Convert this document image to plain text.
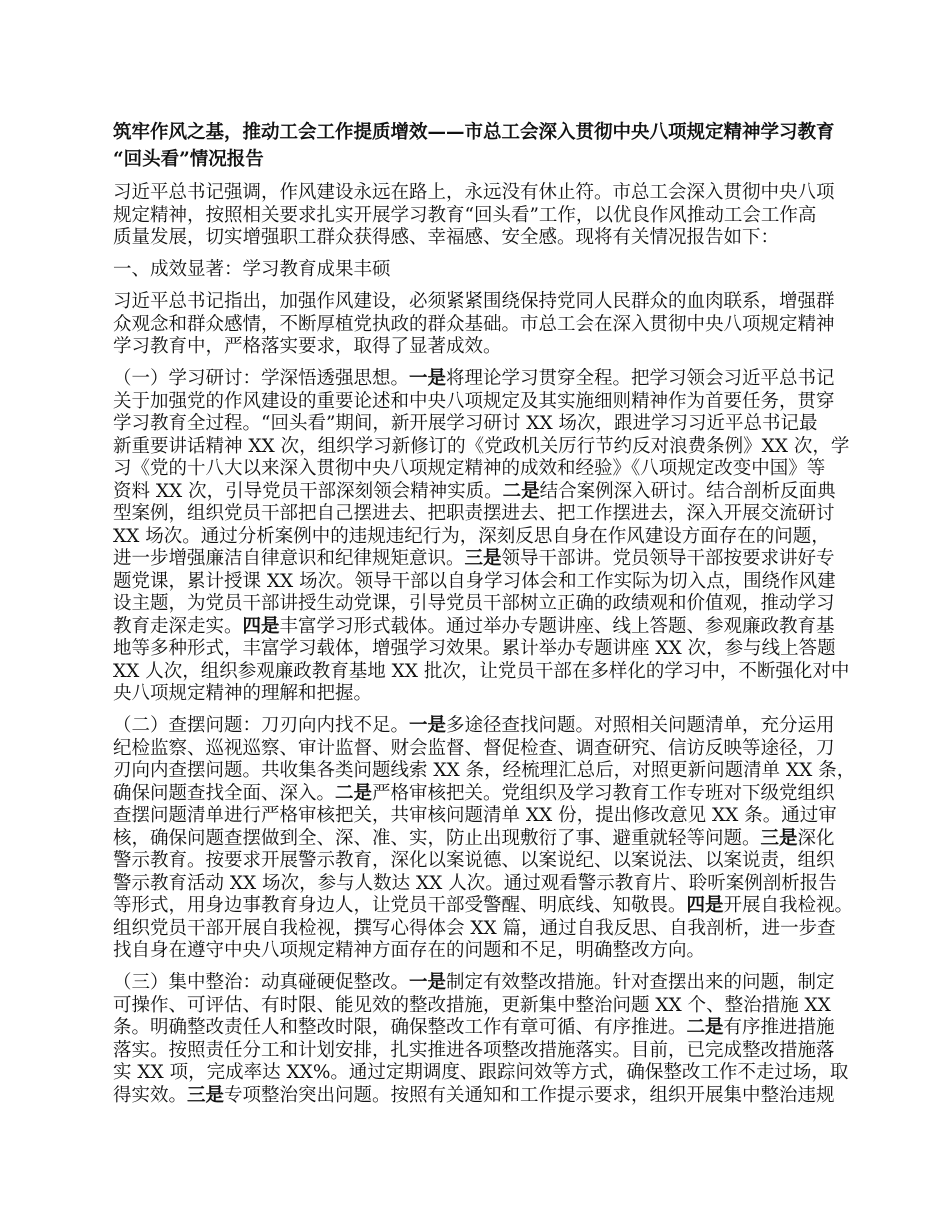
筑牢作风之基，推动工会工作提质增效——市总工会深入贯彻中央八项规定精神学习教育
“回头看”情况报告
习近平总书记强调，作风建设永远在路上，永远没有休止符。市总工会深入贯彻中央八项
规定精神，按照相关要求扎实开展学习教育“回头看”工作，以优良作风推动工会工作高
质量发展，切实增强职工群众获得感、幸福感、安全感。现将有关情况报告如下：
一、成效显著：学习教育成果丰硕
习近平总书记指出，加强作风建设，必须紧紧围绕保持党同人民群众的血肉联系，增强群
众观念和群众感情，不断厚植党执政的群众基础。市总工会在深入贯彻中央八项规定精神
学习教育中，严格落实要求，取得了显著成效。
（一）学习研讨：学深悟透强思想。一是将理论学习贯穿全程。把学习领会习近平总书记
关于加强党的作风建设的重要论述和中央八项规定及其实施细则精神作为首要任务，贯穿
学习教育全过程。“回头看”期间，新开展学习研讨 XX 场次，跟进学习习近平总书记最
新重要讲话精神 XX 次，组织学习新修订的《党政机关厉行节约反对浪费条例》XX 次，学
习《党的十八大以来深入贯彻中央八项规定精神的成效和经验》《八项规定改变中国》等
资料 XX 次，引导党员干部深刻领会精神实质。二是结合案例深入研讨。结合剖析反面典
型案例，组织党员干部把自己摆进去、把职责摆进去、把工作摆进去，深入开展交流研讨
XX 场次。通过分析案例中的违规违纪行为，深刻反思自身在作风建设方面存在的问题，
进一步增强廉洁自律意识和纪律规矩意识。三是领导干部讲。党员领导干部按要求讲好专
题党课，累计授课 XX 场次。领导干部以自身学习体会和工作实际为切入点，围绕作风建
设主题，为党员干部讲授生动党课，引导党员干部树立正确的政绩观和价值观，推动学习
教育走深走实。四是丰富学习形式载体。通过举办专题讲座、线上答题、参观廉政教育基
地等多种形式，丰富学习载体，增强学习效果。累计举办专题讲座 XX 次，参与线上答题
XX 人次，组织参观廉政教育基地 XX 批次，让党员干部在多样化的学习中，不断强化对中
央八项规定精神的理解和把握。
（二）查摆问题：刀刃向内找不足。一是多途径查找问题。对照相关问题清单，充分运用
纪检监察、巡视巡察、审计监督、财会监督、督促检查、调查研究、信访反映等途径，刀
刃向内查摆问题。共收集各类问题线索 XX 条，经梳理汇总后，对照更新问题清单 XX 条，
确保问题查找全面、深入。二是严格审核把关。党组织及学习教育工作专班对下级党组织
查摆问题清单进行严格审核把关，共审核问题清单 XX 份，提出修改意见 XX 条。通过审
核，确保问题查摆做到全、深、准、实，防止出现敷衍了事、避重就轻等问题。三是深化
警示教育。按要求开展警示教育，深化以案说德、以案说纪、以案说法、以案说责，组织
警示教育活动 XX 场次，参与人数达 XX 人次。通过观看警示教育片、聆听案例剖析报告
等形式，用身边事教育身边人，让党员干部受警醒、明底线、知敬畏。四是开展自我检视。
组织党员干部开展自我检视，撰写心得体会 XX 篇，通过自我反思、自我剖析，进一步查
找自身在遵守中央八项规定精神方面存在的问题和不足，明确整改方向。
（三）集中整治：动真碰硬促整改。一是制定有效整改措施。针对查摆出来的问题，制定
可操作、可评估、有时限、能见效的整改措施，更新集中整治问题 XX 个、整治措施 XX
条。明确整改责任人和整改时限，确保整改工作有章可循、有序推进。二是有序推进措施
落实。按照责任分工和计划安排，扎实推进各项整改措施落实。目前，已完成整改措施落
实 XX 项，完成率达 XX%。通过定期调度、跟踪问效等方式，确保整改工作不走过场，取
得实效。三是专项整治突出问题。按照有关通知和工作提示要求，组织开展集中整治违规
